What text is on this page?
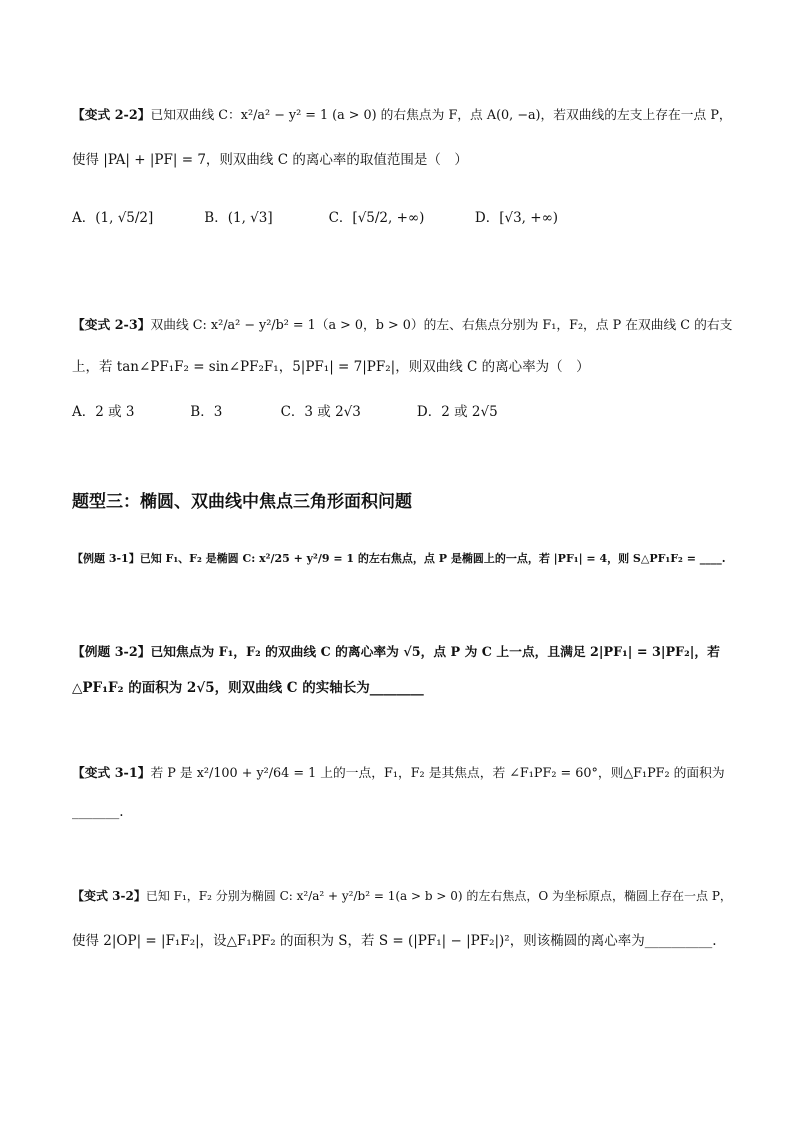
【变式 2-2】已知双曲线 C：x²/a² − y² = 1 (a > 0) 的右焦点为 F，点 A(0, −a)，若双曲线的左支上存在一点 P，
使得 |PA| + |PF| = 7，则双曲线 C 的离心率的取值范围是（　）
A．(1, √5/2]	B．(1, √3]	C．[√5/2, +∞)	D．[√3, +∞)
【变式 2-3】双曲线 C: x²/a² − y²/b² = 1（a > 0，b > 0）的左、右焦点分别为 F₁，F₂，点 P 在双曲线 C 的右支
上，若 tan∠PF₁F₂ = sin∠PF₂F₁，5|PF₁| = 7|PF₂|，则双曲线 C 的离心率为（　）
A．2 或 3	B．3	C．3 或 2√3	D．2 或 2√5
题型三：椭圆、双曲线中焦点三角形面积问题
【例题 3-1】已知 F₁、F₂ 是椭圆 C: x²/25 + y²/9 = 1 的左右焦点，点 P 是椭圆上的一点，若 |PF₁| = 4，则 S△PF₁F₂ = ____.
【例题 3-2】已知焦点为 F₁，F₂ 的双曲线 C 的离心率为 √5，点 P 为 C 上一点，且满足 2|PF₁| = 3|PF₂|，若
△PF₁F₂ 的面积为 2√5，则双曲线 C 的实轴长为________
【变式 3-1】若 P 是 x²/100 + y²/64 = 1 上的一点，F₁，F₂ 是其焦点，若 ∠F₁PF₂ = 60°，则△F₁PF₂ 的面积为
_______.
【变式 3-2】已知 F₁，F₂ 分别为椭圆 C: x²/a² + y²/b² = 1(a > b > 0) 的左右焦点，O 为坐标原点，椭圆上存在一点 P，
使得 2|OP| = |F₁F₂|，设△F₁PF₂ 的面积为 S，若 S = (|PF₁| − |PF₂|)²，则该椭圆的离心率为__________.
